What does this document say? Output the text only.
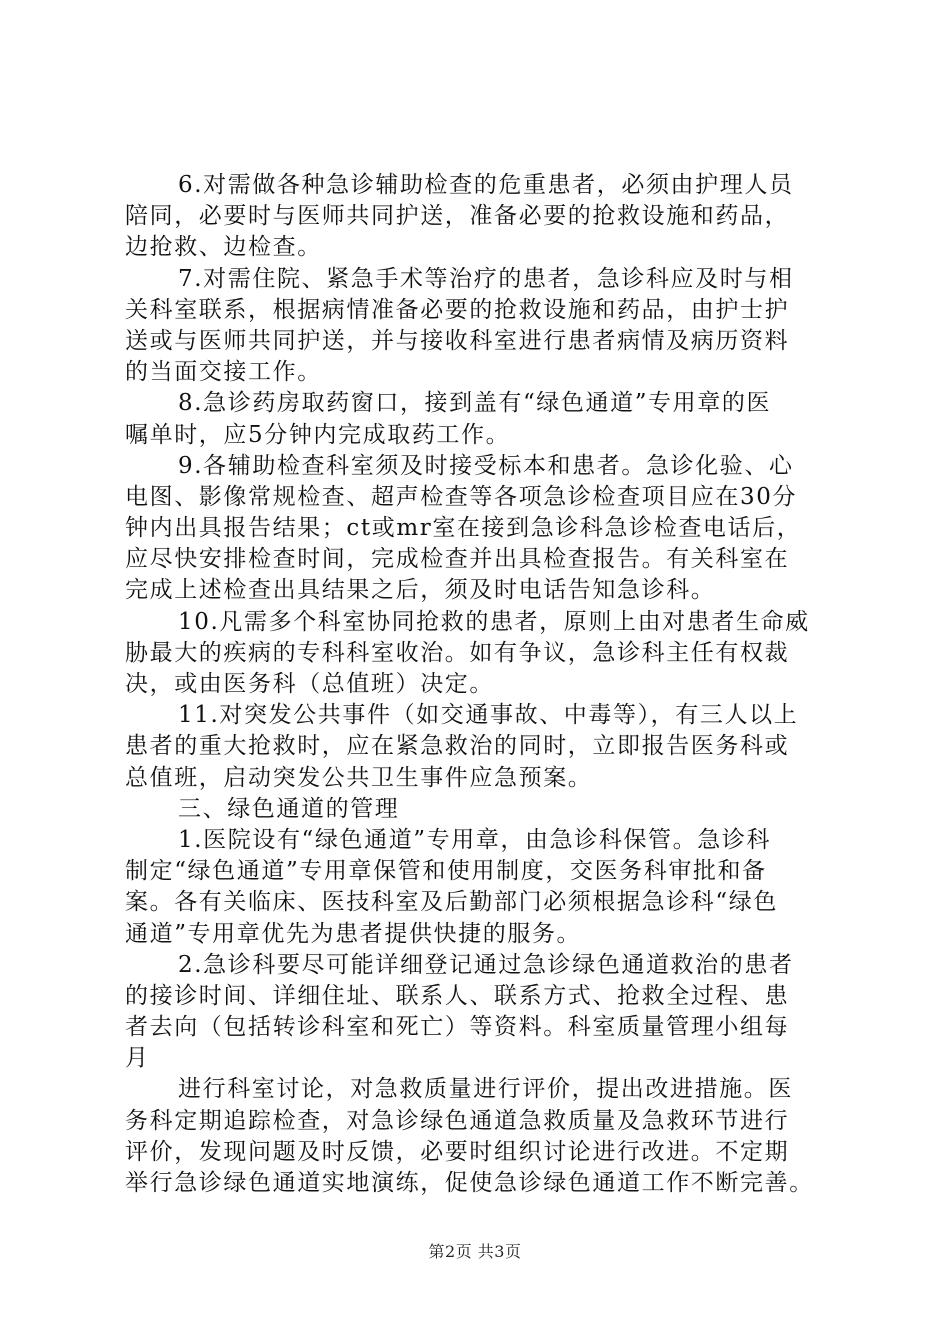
6.对需做各种急诊辅助检查的危重患者，必须由护理人员
陪同，必要时与医师共同护送，准备必要的抢救设施和药品，
边抢救、边检查。
7.对需住院、紧急手术等治疗的患者，急诊科应及时与相
关科室联系，根据病情准备必要的抢救设施和药品，由护士护
送或与医师共同护送，并与接收科室进行患者病情及病历资料
的当面交接工作。
8.急诊药房取药窗口，接到盖有“绿色通道”专用章的医
嘱单时，应5分钟内完成取药工作。
9.各辅助检查科室须及时接受标本和患者。急诊化验、心
电图、影像常规检查、超声检查等各项急诊检查项目应在30分
钟内出具报告结果；ct或mr室在接到急诊科急诊检查电话后，
应尽快安排检查时间，完成检查并出具检查报告。有关科室在
完成上述检查出具结果之后，须及时电话告知急诊科。
10.凡需多个科室协同抢救的患者，原则上由对患者生命威
胁最大的疾病的专科科室收治。如有争议，急诊科主任有权裁
决，或由医务科（总值班）决定。
11.对突发公共事件（如交通事故、中毒等），有三人以上
患者的重大抢救时，应在紧急救治的同时，立即报告医务科或
总值班，启动突发公共卫生事件应急预案。
三、绿色通道的管理
1.医院设有“绿色通道”专用章，由急诊科保管。急诊科
制定“绿色通道”专用章保管和使用制度，交医务科审批和备
案。各有关临床、医技科室及后勤部门必须根据急诊科“绿色
通道”专用章优先为患者提供快捷的服务。
2.急诊科要尽可能详细登记通过急诊绿色通道救治的患者
的接诊时间、详细住址、联系人、联系方式、抢救全过程、患
者去向（包括转诊科室和死亡）等资料。科室质量管理小组每
月
进行科室讨论，对急救质量进行评价，提出改进措施。医
务科定期追踪检查，对急诊绿色通道急救质量及急救环节进行
评价，发现问题及时反馈，必要时组织讨论进行改进。不定期
举行急诊绿色通道实地演练，促使急诊绿色通道工作不断完善。
第2页 共3页
